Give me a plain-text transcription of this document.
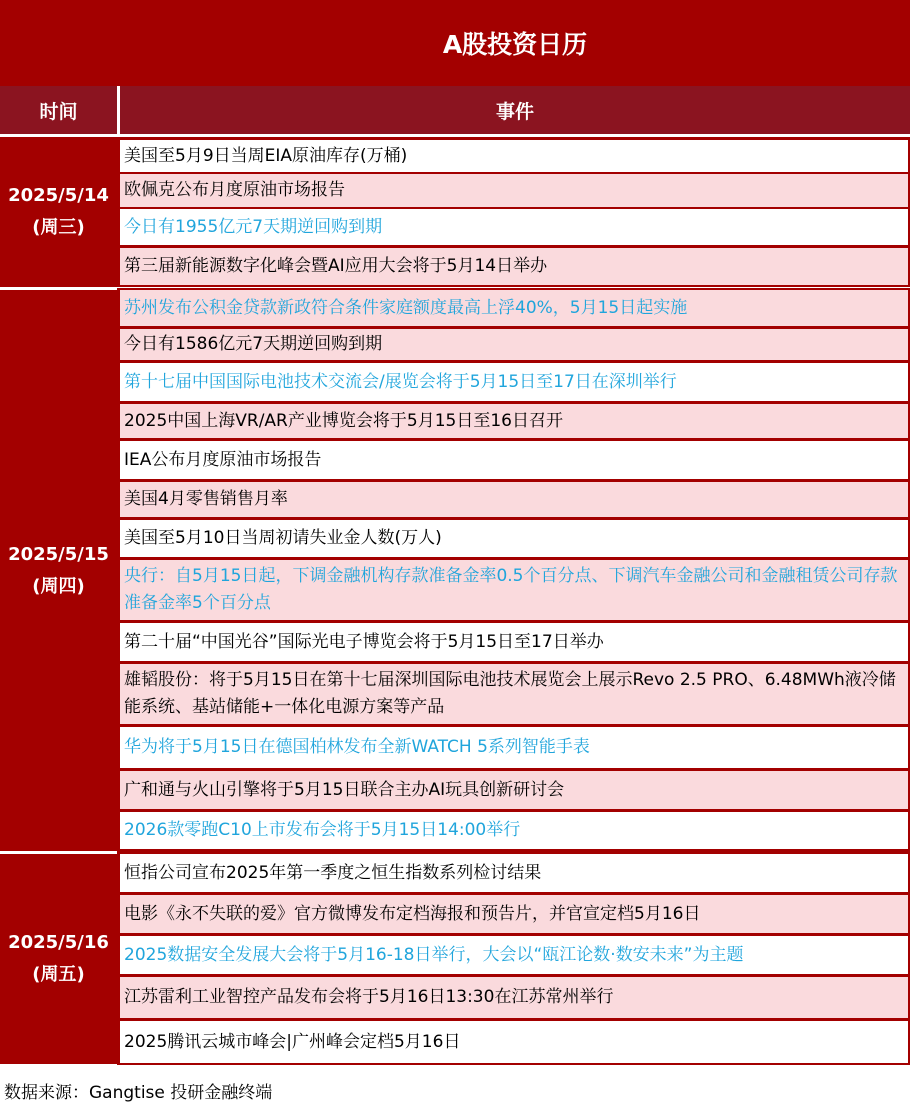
A股投资日历
时间	事件
2025/5/14
(周三)
美国至5月9日当周EIA原油库存(万桶)
欧佩克公布月度原油市场报告
今日有1955亿元7天期逆回购到期
第三届新能源数字化峰会暨AI应用大会将于5月14日举办
2025/5/15
(周四)
苏州发布公积金贷款新政符合条件家庭额度最高上浮40%，5月15日起实施
今日有1586亿元7天期逆回购到期
第十七届中国国际电池技术交流会/展览会将于5月15日至17日在深圳举行
2025中国上海VR/AR产业博览会将于5月15日至16日召开
IEA公布月度原油市场报告
美国4月零售销售月率
美国至5月10日当周初请失业金人数(万人)
央行：自5月15日起，下调金融机构存款准备金率0.5个百分点、下调汽车金融公司和金融租赁公司存款准备金率5个百分点
第二十届“中国光谷”国际光电子博览会将于5月15日至17日举办
雄韬股份：将于5月15日在第十七届深圳国际电池技术展览会上展示Revo 2.5 PRO、6.48MWh液冷储能系统、基站储能+一体化电源方案等产品
华为将于5月15日在德国柏林发布全新WATCH 5系列智能手表
广和通与火山引擎将于5月15日联合主办AI玩具创新研讨会
2026款零跑C10上市发布会将于5月15日14:00举行
2025/5/16
(周五)
恒指公司宣布2025年第一季度之恒生指数系列检讨结果
电影《永不失联的爱》官方微博发布定档海报和预告片，并官宣定档5月16日
2025数据安全发展大会将于5月16-18日举行，大会以“瓯江论数·数安未来”为主题
江苏雷利工业智控产品发布会将于5月16日13:30在江苏常州举行
2025腾讯云城市峰会|广州峰会定档5月16日
数据来源：Gangtise 投研金融终端
